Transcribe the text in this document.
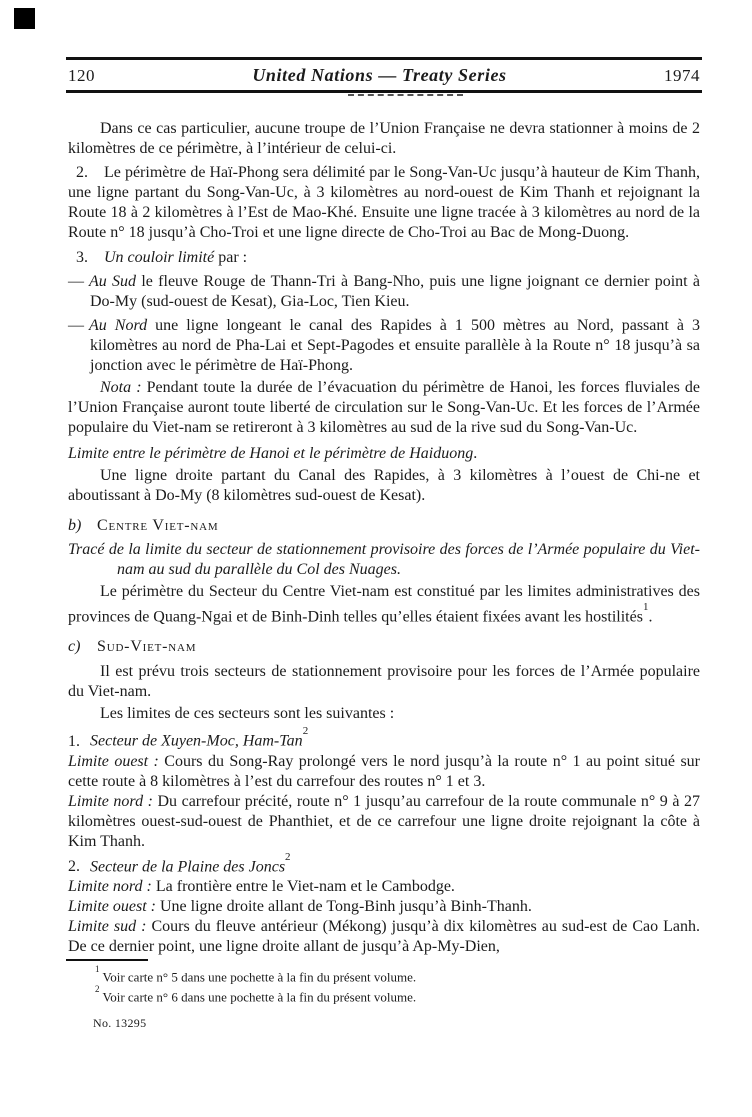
120	United Nations — Treaty Series	1974

Dans ce cas particulier, aucune troupe de l’Union Française ne devra stationner à moins de 2 kilomètres de ce périmètre, à l’intérieur de celui-ci.

2. Le périmètre de Haï-Phong sera délimité par le Song-Van-Uc jusqu’à hauteur de Kim Thanh, une ligne partant du Song-Van-Uc, à 3 kilomètres au nord-ouest de Kim Thanh et rejoignant la Route 18 à 2 kilomètres à l’Est de Mao-Khé. Ensuite une ligne tracée à 3 kilomètres au nord de la Route n° 18 jusqu’à Cho-Troi et une ligne directe de Cho-Troi au Bac de Mong-Duong.

3. Un couloir limité par :

— Au Sud le fleuve Rouge de Thann-Tri à Bang-Nho, puis une ligne joignant ce dernier point à Do-My (sud-ouest de Kesat), Gia-Loc, Tien Kieu.

— Au Nord une ligne longeant le canal des Rapides à 1 500 mètres au Nord, passant à 3 kilomètres au nord de Pha-Lai et Sept-Pagodes et ensuite parallèle à la Route n° 18 jusqu’à sa jonction avec le périmètre de Haï-Phong.

Nota : Pendant toute la durée de l’évacuation du périmètre de Hanoi, les forces fluviales de l’Union Française auront toute liberté de circulation sur le Song-Van-Uc. Et les forces de l’Armée populaire du Viet-nam se retireront à 3 kilomètres au sud de la rive sud du Song-Van-Uc.

Limite entre le périmètre de Hanoi et le périmètre de Haiduong.

Une ligne droite partant du Canal des Rapides, à 3 kilomètres à l’ouest de Chi-ne et aboutissant à Do-My (8 kilomètres sud-ouest de Kesat).

b) Centre Viet-nam

Tracé de la limite du secteur de stationnement provisoire des forces de l’Armée populaire du Viet-nam au sud du parallèle du Col des Nuages.

Le périmètre du Secteur du Centre Viet-nam est constitué par les limites administratives des provinces de Quang-Ngai et de Binh-Dinh telles qu’elles étaient fixées avant les hostilités$^1$.

c) Sud-Viet-nam

Il est prévu trois secteurs de stationnement provisoire pour les forces de l’Armée populaire du Viet-nam.

Les limites de ces secteurs sont les suivantes :

1. Secteur de Xuyen-Moc, Ham-Tan$^2$

Limite ouest : Cours du Song-Ray prolongé vers le nord jusqu’à la route n° 1 au point situé sur cette route à 8 kilomètres à l’est du carrefour des routes n° 1 et 3.

Limite nord : Du carrefour précité, route n° 1 jusqu’au carrefour de la route communale n° 9 à 27 kilomètres ouest-sud-ouest de Phanthiet, et de ce carrefour une ligne droite rejoignant la côte à Kim Thanh.

2. Secteur de la Plaine des Joncs$^2$

Limite nord : La frontière entre le Viet-nam et le Cambodge.

Limite ouest : Une ligne droite allant de Tong-Binh jusqu’à Binh-Thanh.

Limite sud : Cours du fleuve antérieur (Mékong) jusqu’à dix kilomètres au sud-est de Cao Lanh. De ce dernier point, une ligne droite allant de jusqu’à Ap-My-Dien,

$^1$Voir carte n° 5 dans une pochette à la fin du présent volume.
$^2$Voir carte n° 6 dans une pochette à la fin du présent volume.
No. 13295
